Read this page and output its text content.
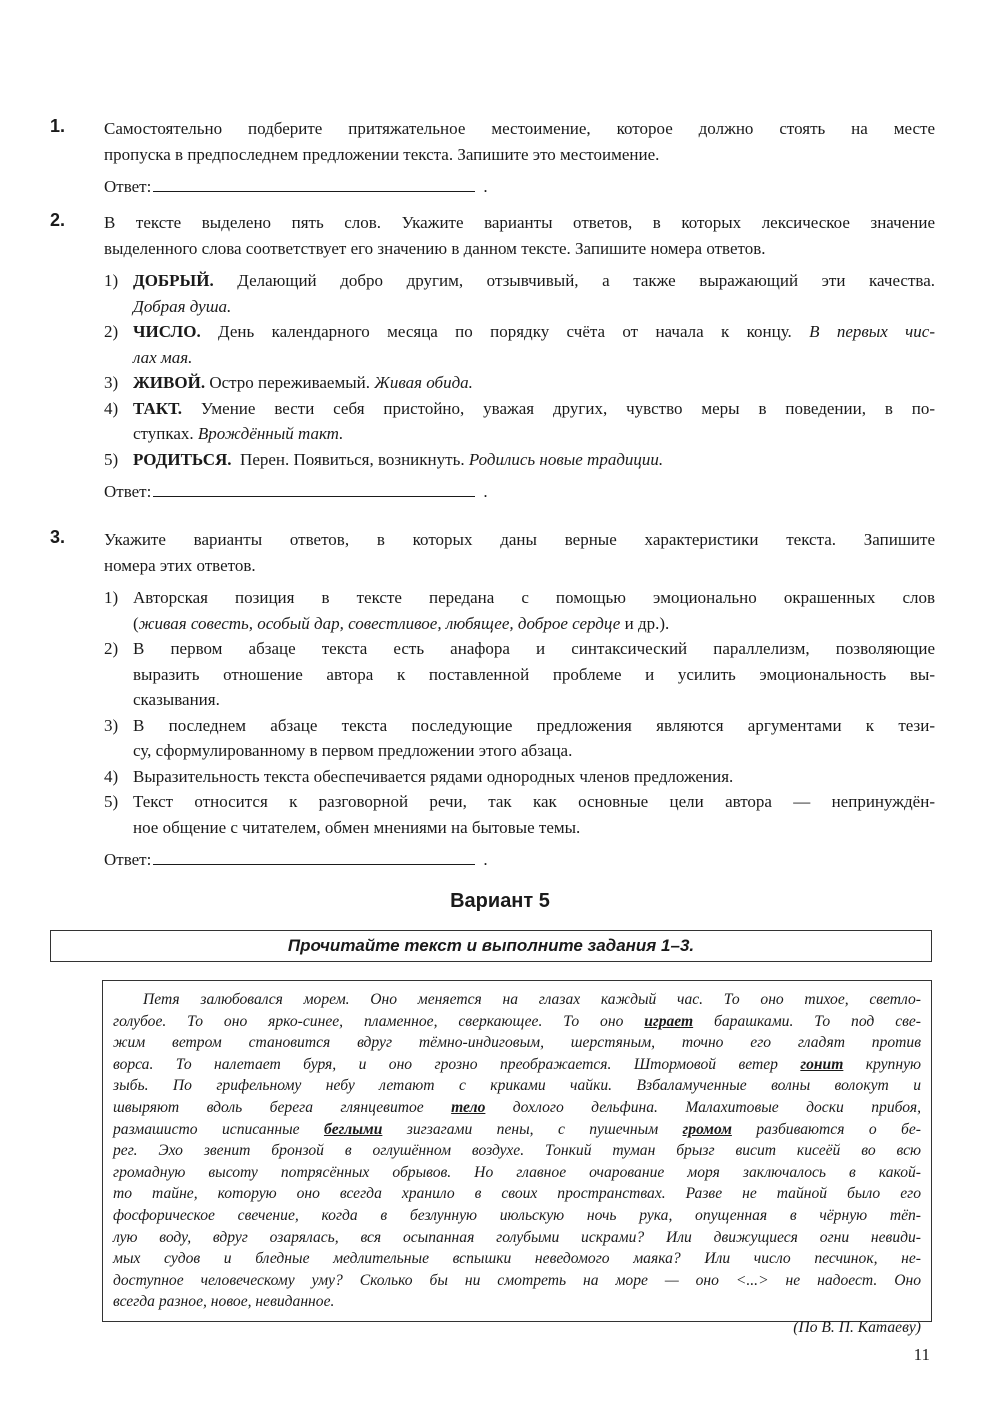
1. Самостоятельно подберите притяжательное местоимение, которое должно стоять на месте
пропуска в предпоследнем предложении текста. Запишите это местоимение.
Ответ:	.
2. В тексте выделено пять слов. Укажите варианты ответов, в которых лексическое значение
выделенного слова соответствует его значению в данном тексте. Запишите номера ответов.
1) ДОБРЫЙ. Делающий добро другим, отзывчивый, а также выражающий эти качества.
Добрая душа.
2) ЧИСЛО. День календарного месяца по порядку счёта от начала к концу. В первых чис-
лах мая.
3) ЖИВОЙ. Остро переживаемый. Живая обида.
4) ТАКТ. Умение вести себя пристойно, уважая других, чувство меры в поведении, в по-
ступках. Врождённый такт.
5) РОДИТЬСЯ.  Перен. Появиться, возникнуть. Родились новые традиции.
Ответ:	.
3. Укажите варианты ответов, в которых даны верные характеристики текста. Запишите
номера этих ответов.
1) Авторская позиция в тексте передана с помощью эмоционально окрашенных слов
(живая совесть, особый дар, совестливое, любящее, доброе сердце и др.).
2) В первом абзаце текста есть анафора и синтаксический параллелизм, позволяющие
выразить отношение автора к поставленной проблеме и усилить эмоциональность вы-
сказывания.
3) В последнем абзаце текста последующие предложения являются аргументами к тези-
су, сформулированному в первом предложении этого абзаца.
4) Выразительность текста обеспечивается рядами однородных членов предложения.
5) Текст относится к разговорной речи, так как основные цели автора — непринуждён-
ное общение с читателем, обмен мнениями на бытовые темы.
Ответ:	.
Вариант 5
Прочитайте текст и выполните задания 1–3.
Петя залюбовался морем. Оно меняется на глазах каждый час. То оно тихое, светло-
голубое. То оно ярко-синее, пламенное, сверкающее. То оно играет барашками. То под све-
жим ветром становится вдруг тёмно-индиговым, шерстяным, точно его гладят против
ворса. То налетает буря, и оно грозно преображается. Штормовой ветер гонит крупную
зыбь. По грифельному небу летают с криками чайки. Взбаламученные волны волокут и
швыряют вдоль берега глянцевитое тело дохлого дельфина. Малахитовые доски прибоя,
размашисто исписанные беглыми зигзагами пены, с пушечным громом разбиваются о бе-
рег. Эхо звенит бронзой в оглушённом воздухе. Тонкий туман брызг висит кисеёй во всю
громадную высоту потрясённых обрывов. Но главное очарование моря заключалось в какой-
то тайне, которую оно всегда хранило в своих пространствах. Разве не тайной было его
фосфорическое свечение, когда в безлунную июльскую ночь рука, опущенная в чёрную тёп-
лую воду, вдруг озарялась, вся осыпанная голубыми искрами? Или движущиеся огни невиди-
мых судов и бледные медлительные вспышки неведомого маяка? Или число песчинок, не-
доступное человеческому уму? Сколько бы ни смотреть на море — оно <...> не надоест. Оно
всегда разное, новое, невиданное.
(По В. П. Катаеву)
11
